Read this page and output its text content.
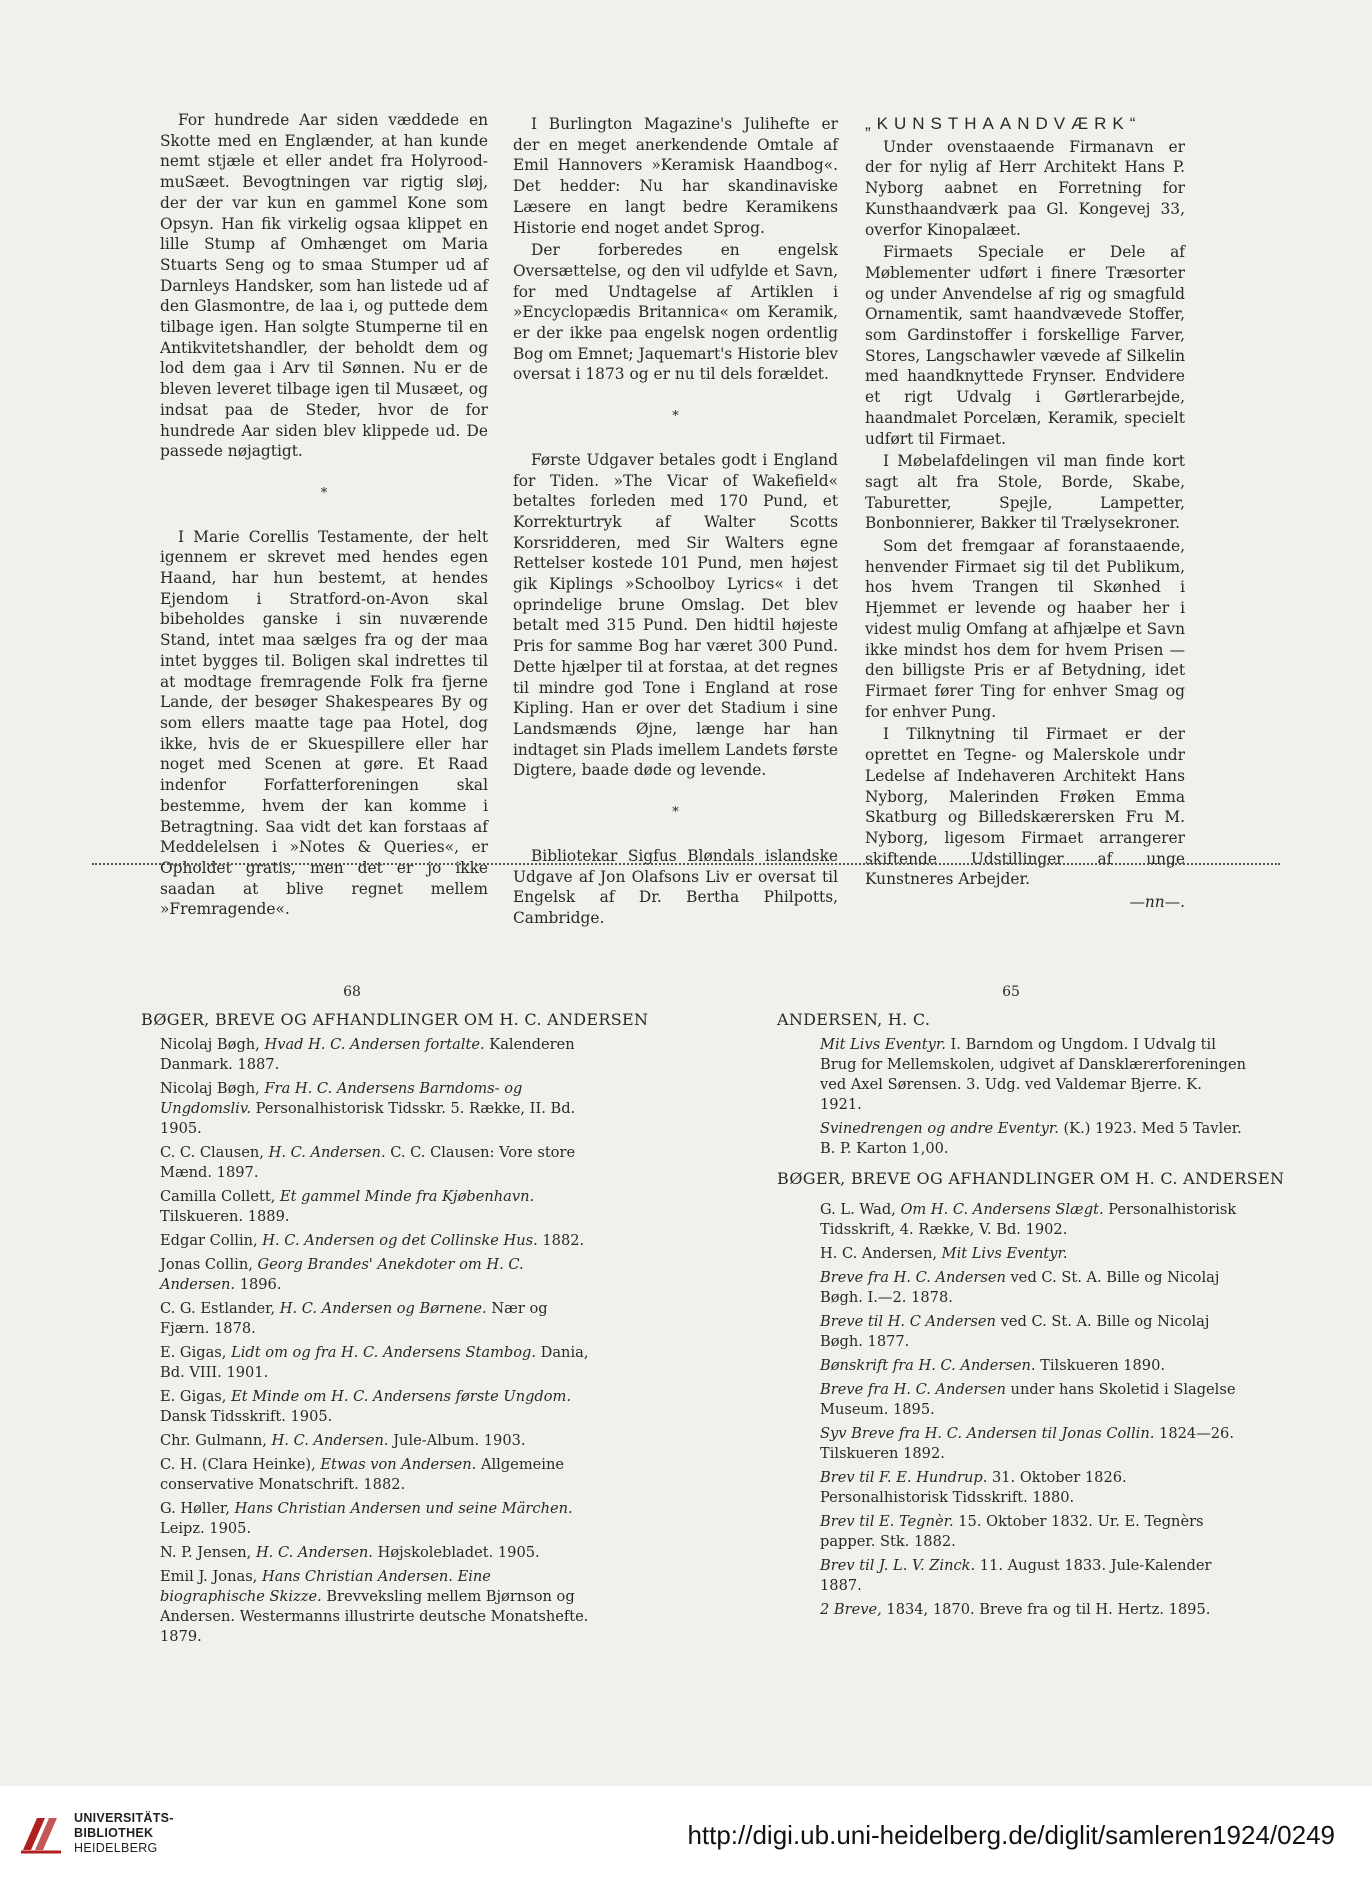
For hundrede Aar siden væddede en Skotte med en Englænder, at han kunde nemt stjæle et eller andet fra Holyrood-muSæet. Bevogtningen var rigtig sløj, der der var kun en gammel Kone som Opsyn. Han fik virkelig ogsaa klippet en lille Stump af Omhænget om Maria Stuarts Seng og to smaa Stumper ud af Darnleys Handsker, som han listede ud af den Glasmontre, de laa i, og puttede dem tilbage igen. Han solgte Stumperne til en Antikvitetshandler, der beholdt dem og lod dem gaa i Arv til Sønnen. Nu er de bleven leveret tilbage igen til Musæet, og indsat paa de Steder, hvor de for hundrede Aar siden blev klippede ud. De passede nøjagtigt.

*

I Marie Corellis Testamente, der helt igennem er skrevet med hendes egen Haand, har hun bestemt, at hendes Ejendom i Stratford-on-Avon skal bibeholdes ganske i sin nuværende Stand, intet maa sælges fra og der maa intet bygges til. Boligen skal indrettes til at modtage fremragende Folk fra fjerne Lande, der besøger Shakespeares By og som ellers maatte tage paa Hotel, dog ikke, hvis de er Skuespillere eller har noget med Scenen at gøre. Et Raad indenfor Forfatterforeningen skal bestemme, hvem der kan komme i Betragtning. Saa vidt det kan forstaas af Meddelelsen i »Notes & Queries«, er Opholdet gratis, men det er jo ikke saadan at blive regnet mellem »Fremragende«.

I Burlington Magazine's Julihefte er der en meget anerkendende Omtale af Emil Hannovers »Keramisk Haandbog«. Det hedder: Nu har skandinaviske Læsere en langt bedre Keramikens Historie end noget andet Sprog.

Der forberedes en engelsk Oversættelse, og den vil udfylde et Savn, for med Undtagelse af Artiklen i »Encyclopædis Britannica« om Keramik, er der ikke paa engelsk nogen ordentlig Bog om Emnet; Jaquemart's Historie blev oversat i 1873 og er nu til dels forældet.

*

Første Udgaver betales godt i England for Tiden. »The Vicar of Wakefield« betaltes forleden med 170 Pund, et Korrekturtryk af Walter Scotts Korsridderen, med Sir Walters egne Rettelser kostede 101 Pund, men højest gik Kiplings »Schoolboy Lyrics« i det oprindelige brune Omslag. Det blev betalt med 315 Pund. Den hidtil højeste Pris for samme Bog har været 300 Pund. Dette hjælper til at forstaa, at det regnes til mindre god Tone i England at rose Kipling. Han er over det Stadium i sine Landsmænds Øjne, længe har han indtaget sin Plads imellem Landets første Digtere, baade døde og levende.

*

Bibliotekar Sigfus Bløndals islandske Udgave af Jon Olafsons Liv er oversat til Engelsk af Dr. Bertha Philpotts, Cambridge.

„KUNSTHAANDVÆRK“

Under ovenstaaende Firmanavn er der for nylig af Herr Architekt Hans P. Nyborg aabnet en Forretning for Kunsthaandværk paa Gl. Kongevej 33, overfor Kinopalæet.

Firmaets Speciale er Dele af Møblementer udført i finere Træsorter og under Anvendelse af rig og smagfuld Ornamentik, samt haandvævede Stoffer, som Gardinstoffer i forskellige Farver, Stores, Langschawler vævede af Silkelin med haandknyttede Frynser. Endvidere et rigt Udvalg i Gørtlerarbejde, haandmalet Porcelæn, Keramik, specielt udført til Firmaet.

I Møbelafdelingen vil man finde kort sagt alt fra Stole, Borde, Skabe, Taburetter, Spejle, Lampetter, Bonbonnierer, Bakker til Trælysekroner.

Som det fremgaar af foranstaaende, henvender Firmaet sig til det Publikum, hos hvem Trangen til Skønhed i Hjemmet er levende og haaber her i videst mulig Omfang at afhjælpe et Savn ikke mindst hos dem for hvem Prisen — den billigste Pris er af Betydning, idet Firmaet fører Ting for enhver Smag og for enhver Pung.

I Tilknytning til Firmaet er der oprettet en Tegne- og Malerskole undr Ledelse af Indehaveren Architekt Hans Nyborg, Malerinden Frøken Emma Skatburg og Billedskærersken Fru M. Nyborg, ligesom Firmaet arrangerer skiftende Udstillinger af unge Kunstneres Arbejder.

—nn—.

68
BØGER, BREVE OG AFHANDLINGER OM H. C. ANDERSEN
Nicolaj Bøgh, Hvad H. C. Andersen fortalte. Kalenderen Danmark. 1887.
Nicolaj Bøgh, Fra H. C. Andersens Barndoms- og Ungdomsliv. Personalhistorisk Tidsskr. 5. Række, II. Bd. 1905.
C. C. Clausen, H. C. Andersen. C. C. Clausen: Vore store Mænd. 1897.
Camilla Collett, Et gammel Minde fra Kjøbenhavn. Tilskueren. 1889.
Edgar Collin, H. C. Andersen og det Collinske Hus. 1882.
Jonas Collin, Georg Brandes' Anekdoter om H. C. Andersen. 1896.
C. G. Estlander, H. C. Andersen og Børnene. Nær og Fjærn. 1878.
E. Gigas, Lidt om og fra H. C. Andersens Stambog. Dania, Bd. VIII. 1901.
E. Gigas, Et Minde om H. C. Andersens første Ungdom. Dansk Tidsskrift. 1905.
Chr. Gulmann, H. C. Andersen. Jule-Album. 1903.
C. H. (Clara Heinke), Etwas von Andersen. Allgemeine conservative Monatschrift. 1882.
G. Høller, Hans Christian Andersen und seine Märchen. Leipz. 1905.
N. P. Jensen, H. C. Andersen. Højskolebladet. 1905.
Emil J. Jonas, Hans Christian Andersen. Eine biographische Skizze. Brevveksling mellem Bjørnson og Andersen. Westermanns illustrirte deutsche Monatshefte. 1879.
65
ANDERSEN, H. C.
Mit Livs Eventyr. I. Barndom og Ungdom. I Udvalg til Brug for Mellemskolen, udgivet af Dansklærerforeningen ved Axel Sørensen. 3. Udg. ved Valdemar Bjerre. K. 1921.
Svinedrengen og andre Eventyr. (K.) 1923. Med 5 Tavler. B. P. Karton 1,00.
BØGER, BREVE OG AFHANDLINGER OM H. C. ANDERSEN
G. L. Wad, Om H. C. Andersens Slægt. Personalhistorisk Tidsskrift, 4. Række, V. Bd. 1902.
H. C. Andersen, Mit Livs Eventyr.
Breve fra H. C. Andersen ved C. St. A. Bille og Nicolaj Bøgh. I.—2. 1878.
Breve til H. C Andersen ved C. St. A. Bille og Nicolaj Bøgh. 1877.
Bønskrift fra H. C. Andersen. Tilskueren 1890.
Breve fra H. C. Andersen under hans Skoletid i Slagelse Museum. 1895.
Syv Breve fra H. C. Andersen til Jonas Collin. 1824—26. Tilskueren 1892.
Brev til F. E. Hundrup. 31. Oktober 1826. Personalhistorisk Tidsskrift. 1880.
Brev til E. Tegnèr. 15. Oktober 1832. Ur. E. Tegnèrs papper. Stk. 1882.
Brev til J. L. V. Zinck. 11. August 1833. Jule-Kalender 1887.
2 Breve, 1834, 1870. Breve fra og til H. Hertz. 1895.
UNIVERSITÄTS-
BIBLIOTHEK
HEIDELBERG	http://digi.ub.uni-heidelberg.de/diglit/samleren1924/0249
